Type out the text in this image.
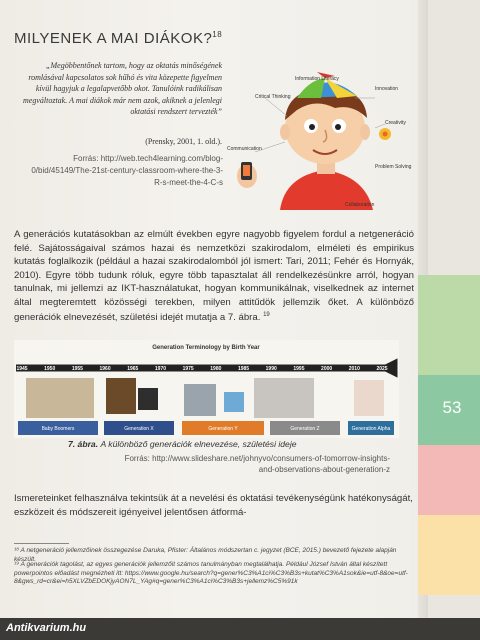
53
MILYENEK A MAI DIÁKOK?$^{18}$
„Megöbbentőnek tartom, hogy az oktatás minőségének romlásával kapcsolatos sok hűhó és vita közepette figyelmen kívül hagyjuk a legalapvetőbb okot. Tanulóink radikálisan megváltoztak. A mai diákok már nem azok, akiknek a jelenlegi oktatási rendszert tervezték”
(Prensky, 2001, 1. old.).
Forrás: http://web.tech4learning.com/blog-0/bid/45149/The-21st-century-classroom-where-the-3-R-s-meet-the-4-C-s
Information Literacy
Critical Thinking
Innovation
Creativity
Communication
Problem Solving
Collaboration
A generációs kutatásokban az elmúlt években egyre nagyobb figyelem fordul a netgeneráció felé. Sajátosságaival számos hazai és nemzetközi szakirodalom, elméleti és empirikus kutatás foglalkozik (például a hazai szakirodalomból jól ismert: Tari, 2011; Fehér és Hornyák, 2010). Egyre több tudunk róluk, egyre több tapasztalat áll rendelkezésünkre arról, hogyan tanulnak, mi jellemzi az IKT-használatukat, hogyan kommunikálnak, viselkednek az internet által megteremtett közösségi terekben, milyen attitűdök jellemzik őket. A különböző generációk elnevezését, születési idejét mutatja a 7. ábra. $^{19}$
Generation Terminology by Birth Year
1945	1950	1955	1960	1965	1970	1975	1980	1985	1990	1995	2000	2010	2025
Baby Boomers	Generation X	Generation Y	Generation Z	Generation Alpha
7. ábra. A különböző generációk elnevezése, születési ideje
Forrás: http://www.slideshare.net/johnyvo/consumers-of-tomorrow-insights-and-observations-about-generation-z
Ismereteinket felhasználva tekintsük át a nevelési és oktatási tevékenységünk hatékonyságát, eszközeit és módszereit igényeivel jelentősen átformá-
¹⁸ A netgeneráció jellemzőinek összegezése Daruka, Pfister: Általános módszertan c. jegyzet (BCE, 2015.) bevezető fejezete alapján készült.
¹⁹ A generációk tagolást, az egyes generációk jellemzőit számos tanulmányban megtalálhatja. Például József István által készített powerpointos előadást megnézheti itt: https://www.google.hu/search?q=gener%C3%A1ci%C3%B3s+kutat%C3%A1sok&ie=utf-8&oe=utf-8&gws_rd=cr&ei=h5XLVZbEDOKjyAON7L_YAg#q=gener%C3%A1ci%C3%B3s+jellemz%C5%91k
Antikvarium.hu
